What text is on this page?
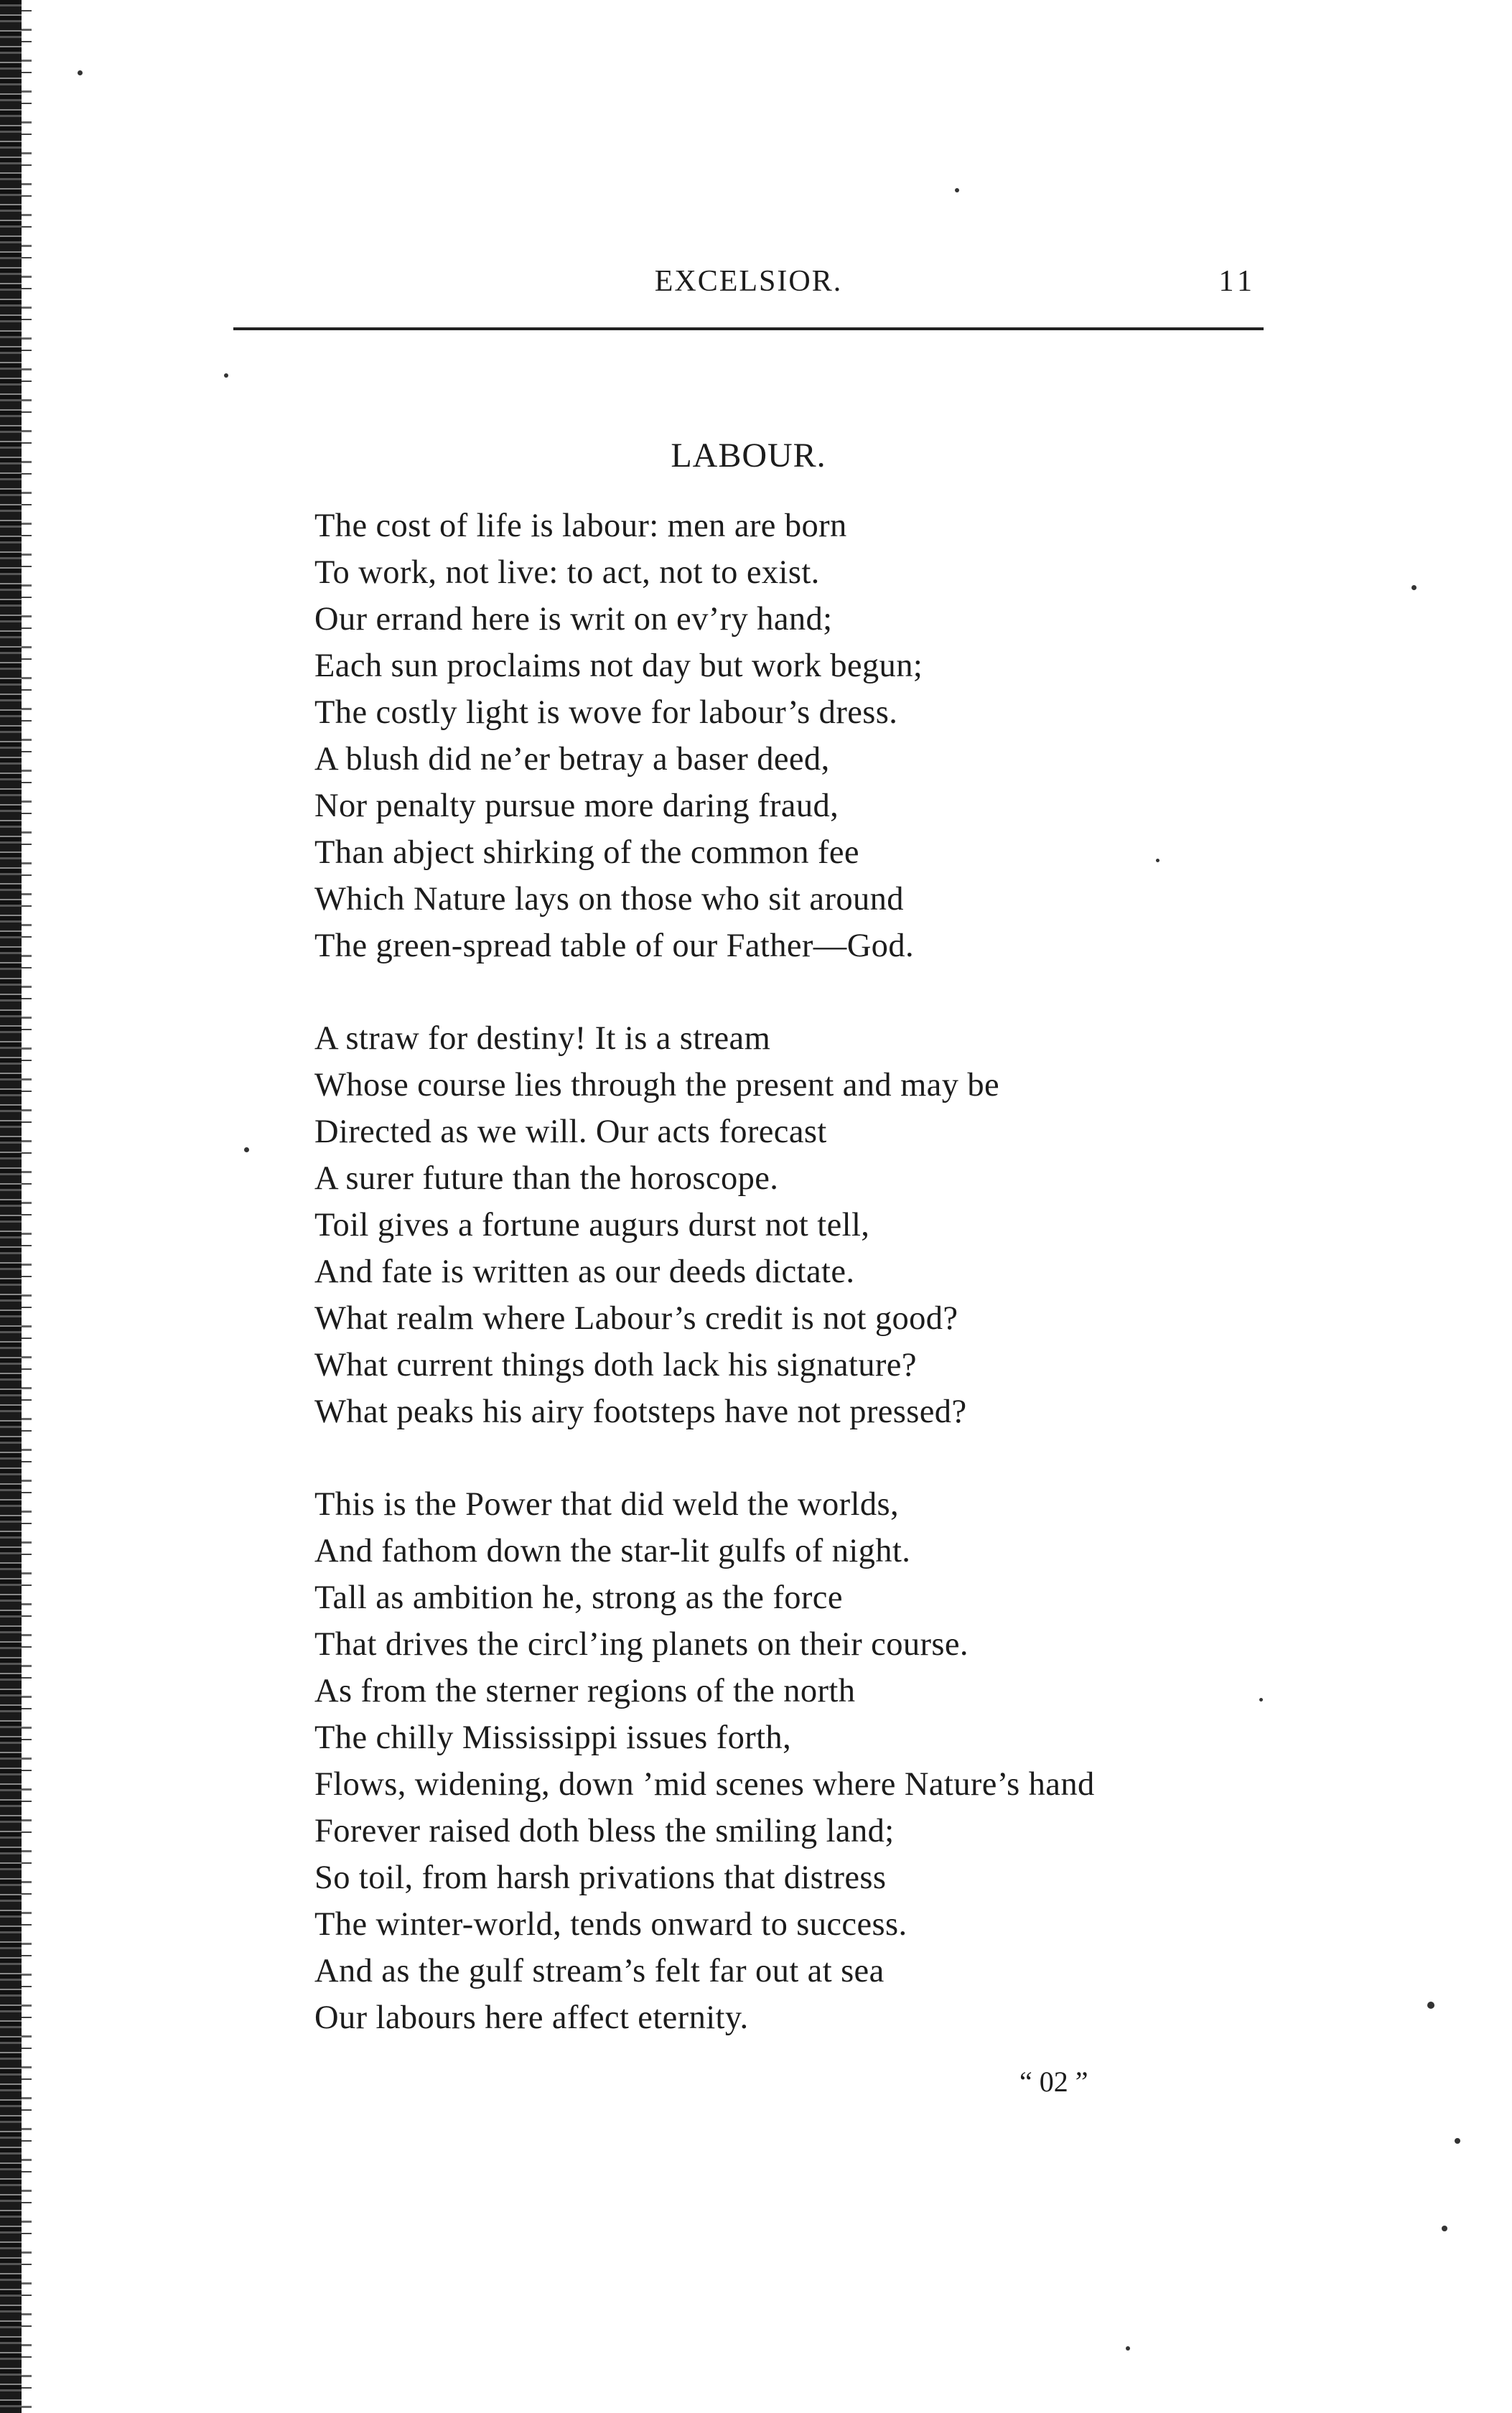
EXCELSIOR.	11
LABOUR.
The cost of life is labour: men are born
To work, not live: to act, not to exist.
Our errand here is writ on ev’ry hand;
Each sun proclaims not day but work begun;
The costly light is wove for labour’s dress.
A blush did ne’er betray a baser deed,
Nor penalty pursue more daring fraud,
Than abject shirking of the common fee
Which Nature lays on those who sit around
The green-spread table of our Father—God.
A straw for destiny! It is a stream
Whose course lies through the present and may be
Directed as we will. Our acts forecast
A surer future than the horoscope.
Toil gives a fortune augurs durst not tell,
And fate is written as our deeds dictate.
What realm where Labour’s credit is not good?
What current things doth lack his signature?
What peaks his airy footsteps have not pressed?
This is the Power that did weld the worlds,
And fathom down the star-lit gulfs of night.
Tall as ambition he, strong as the force
That drives the circl’ing planets on their course.
As from the sterner regions of the north
The chilly Mississippi issues forth,
Flows, widening, down ’mid scenes where Nature’s hand
Forever raised doth bless the smiling land;
So toil, from harsh privations that distress
The winter-world, tends onward to success.
And as the gulf stream’s felt far out at sea
Our labours here affect eternity.
“ 02 ”
